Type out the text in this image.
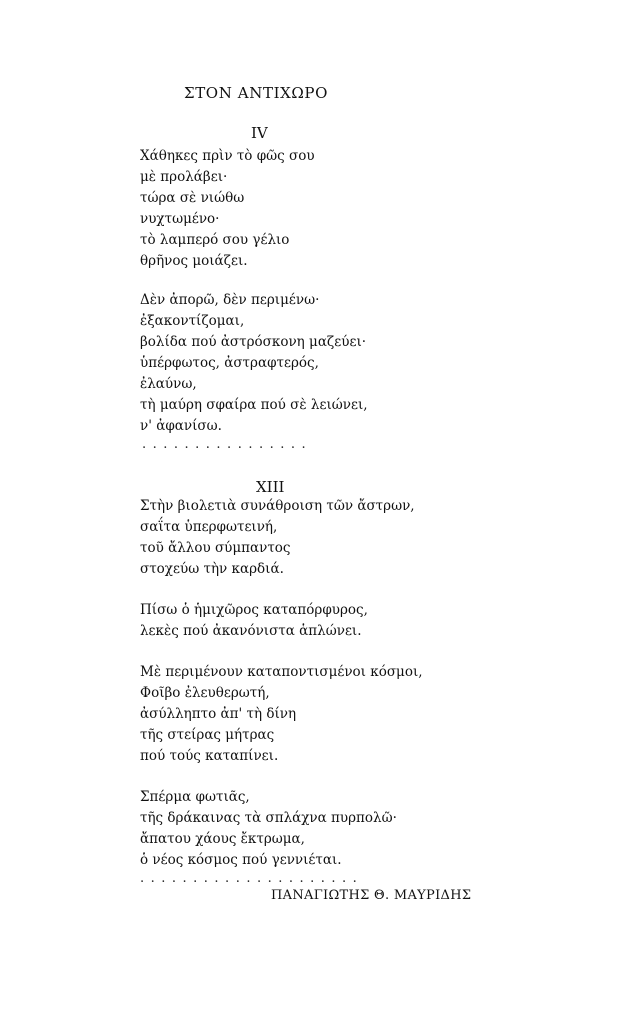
ΣΤΟΝ ΑΝΤΙΧΩΡΟ
IV
Χάθηκες πρὶν τὸ φῶς σου
μὲ προλάβει·
τώρα σὲ νιώθω
νυχτωμένο·
τὸ λαμπερό σου γέλιο
θρῆνος μοιάζει.
Δὲν ἀπορῶ, δὲν περιμένω·
ἐξακοντίζομαι,
βολίδα πού ἀστρόσκονη μαζεύει·
ὑπέρφωτος, ἀστραφτερός,
ἐλαύνω,
τὴ μαύρη σφαίρα πού σὲ λειώνει,
ν' ἀφανίσω.
................
XIII
Στὴν βιολετιὰ συνάθροιση τῶν ἄστρων,
σαΐτα ὑπερφωτεινή,
τοῦ ἄλλου σύμπαντος
στοχεύω τὴν καρδιά.
Πίσω ὁ ἡμιχῶρος καταπόρφυρος,
λεκὲς πού ἀκανόνιστα ἁπλώνει.
Μὲ περιμένουν καταποντισμένοι κόσμοι,
Φοῖβο ἐλευθερωτή,
ἀσύλληπτο ἀπ' τὴ δίνη
τῆς στείρας μήτρας
πού τούς καταπίνει.
Σπέρμα φωτιᾶς,
τῆς δράκαινας τὰ σπλάχνα πυρπολῶ·
ἄπατου χάους ἔκτρωμα,
ὁ νέος κόσμος πού γεννιέται.
.....................
ΠΑΝΑΓΙΩΤΗΣ Θ. ΜΑΥΡΙΔΗΣ
